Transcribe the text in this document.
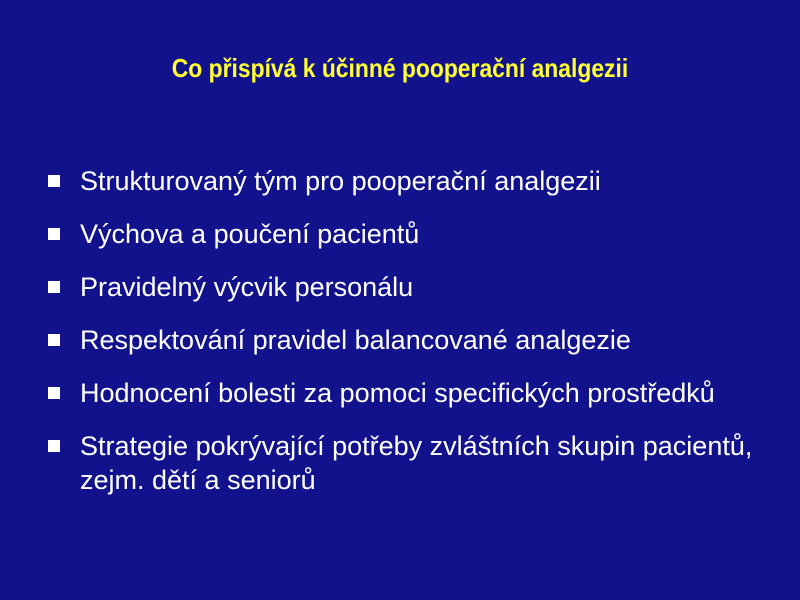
Co přispívá k účinné pooperační analgezii
Strukturovaný tým pro pooperační analgezii
Výchova a poučení pacientů
Pravidelný výcvik personálu
Respektování pravidel balancované analgezie
Hodnocení bolesti za pomoci specifických prostředků
Strategie pokrývající potřeby zvláštních skupin pacientů, zejm. dětí a seniorů
